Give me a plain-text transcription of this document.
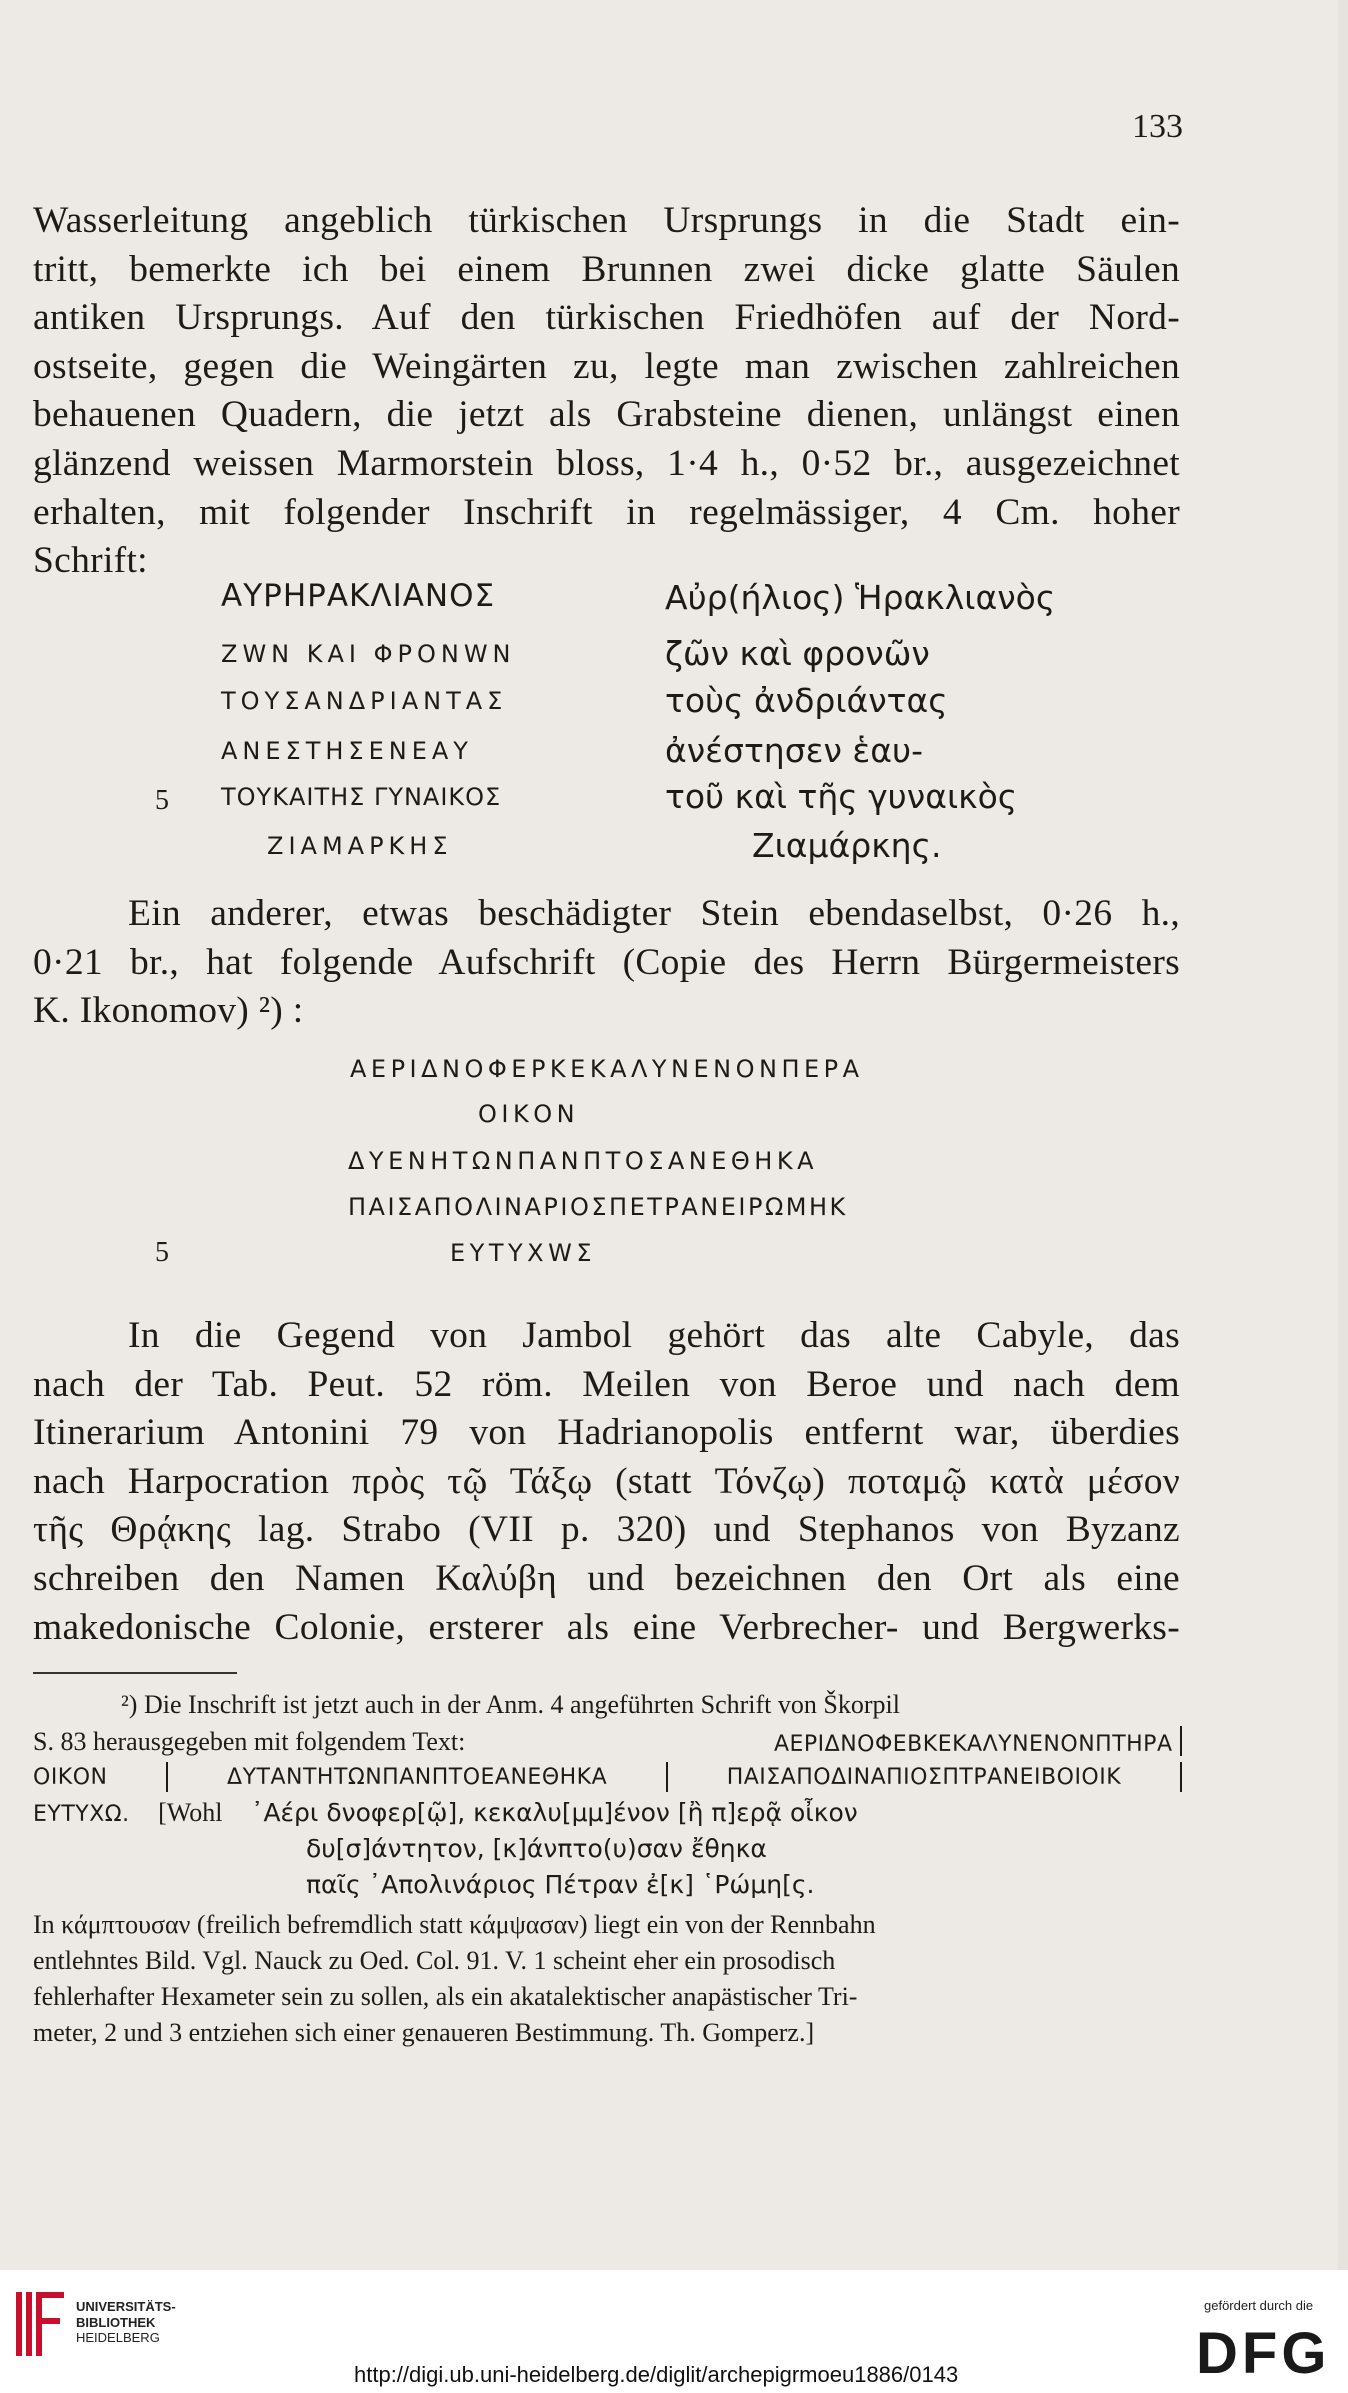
133
Wasserleitung angeblich türkischen Ursprungs in die Stadt ein-
tritt, bemerkte ich bei einem Brunnen zwei dicke glatte Säulen
antiken Ursprungs. Auf den türkischen Friedhöfen auf der Nord-
ostseite, gegen die Weingärten zu, legte man zwischen zahlreichen
behauenen Quadern, die jetzt als Grabsteine dienen, unlängst einen
glänzend weissen Marmorstein bloss, 1·4 h., 0·52 br., ausgezeichnet
erhalten, mit folgender Inschrift in regelmässiger, 4 Cm. hoher
Schrift:
ΑΥΡΗΡΑΚΛΙΑΝΟΣ	Αὐρ(ήλιος) Ἡρακλιανὸς
ΖWΝ ΚΑΙ ΦΡΟΝWΝ	ζῶν καὶ φρονῶν
ΤΟΥΣΑΝΔΡΙΑΝΤΑΣ	τοὺς ἀνδριάντας
ΑΝΕΣΤΗΣΕΝΕΑΥ	ἀνέστησεν ἑαυ-
5 ΤΟΥΚΑΙΤΗΣ ΓΥΝΑΙΚΟΣ	τοῦ καὶ τῆς γυναικὸς
ΖΙΑΜΑΡΚΗΣ	Ζιαμάρκης.
Ein anderer, etwas beschädigter Stein ebendaselbst, 0·26 h.,
0·21 br., hat folgende Aufschrift (Copie des Herrn Bürgermeisters
K. Ikonomov) ²) :
ΑΕΡΙΔΝΟΦΕΡΚΕΚΑΛΥΝΕΝΟΝΠΕΡΑ
ΟΙΚΟΝ
ΔΥΕΝΗΤΩΝΠΑΝΠΤΟΣΑΝΕΘΗΚΑ
ΠΑΙΣΑΠΟΛΙΝΑΡΙΟΣΠΕΤΡΑΝΕΙΡΩΜΗΚ
5	ΕΥΤΥΧWΣ
In die Gegend von Jambol gehört das alte Cabyle, das
nach der Tab. Peut. 52 röm. Meilen von Beroe und nach dem
Itinerarium Antonini 79 von Hadrianopolis entfernt war, überdies
nach Harpocration πρὸς τῷ Τάξῳ (statt Τόνζῳ) ποταμῷ κατὰ μέσον
τῆς Θρᾴκης lag. Strabo (VII p. 320) und Stephanos von Byzanz
schreiben den Namen Καλύβη und bezeichnen den Ort als eine
makedonische Colonie, ersterer als eine Verbrecher- und Bergwerks-
²) Die Inschrift ist jetzt auch in der Anm. 4 angeführten Schrift von Škorpil
S. 83 herausgegeben mit folgendem Text:	ΑΕΡΙΔΝΟΦΕΒΚΕΚΑΛΥΝΕΝΟΝΠΤΗΡΑ
ΟΙΚΟΝ	ΔΥΤΑΝΤΗΤΩΝΠΑΝΠΤΟΕΑΝΕΘΗΚΑ	ΠΑΙΣΑΠΟΔΙΝΑΠΙΟΣΠΤΡΑΝΕΙΒΟΙΟΙΚ
ΕΥΤΥΧΩ. [Wohl ᾽Αέρι δνοφερ[ῷ], κεκαλυ[μμ]ένον [ἢ π]ερᾷ οἶκον
δυ[σ]άντητον, [κ]άνπτο(υ)σαν ἔθηκα
παῖς ᾽Απολινάριος Πέτραν ἐ[κ] ῾Ρώμη[ς.
In κάμπτουσαν (freilich befremdlich statt κάμψασαν) liegt ein von der Rennbahn
entlehntes Bild. Vgl. Nauck zu Oed. Col. 91. V. 1 scheint eher ein prosodisch
fehlerhafter Hexameter sein zu sollen, als ein akatalektischer anapästischer Tri-
meter, 2 und 3 entziehen sich einer genaueren Bestimmung. Th. Gomperz.]
UNIVERSITÄTS-
BIBLIOTHEK
HEIDELBERG
http://digi.ub.uni-heidelberg.de/diglit/archepigrmoeu1886/0143
gefördert durch die
DFG
